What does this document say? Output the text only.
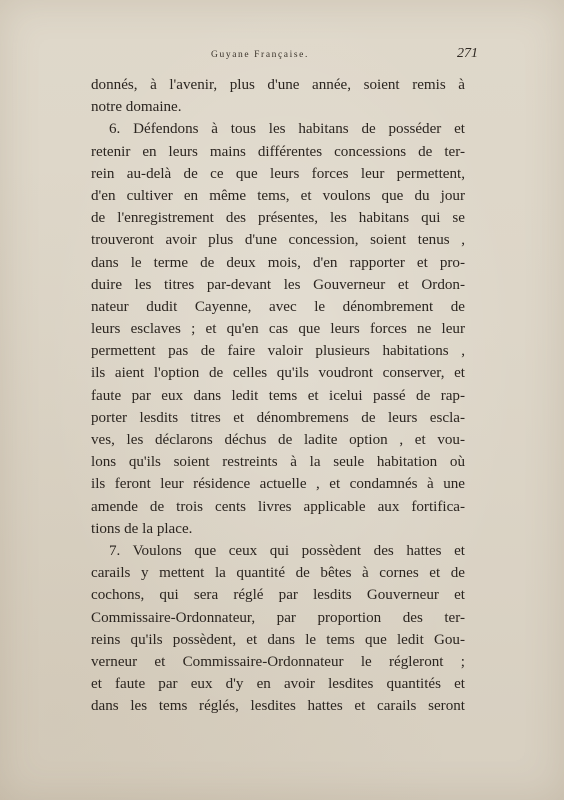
Guyane Française.	271
donnés, à l'avenir, plus d'une année, soient remis à
notre domaine.
6. Défendons à tous les habitans de posséder et
retenir en leurs mains différentes concessions de ter-
rein au-delà de ce que leurs forces leur permettent,
d'en cultiver en même tems, et voulons que du jour
de l'enregistrement des présentes, les habitans qui se
trouveront avoir plus d'une concession, soient tenus ,
dans le terme de deux mois, d'en rapporter et pro-
duire les titres par-devant les Gouverneur et Ordon-
nateur dudit Cayenne, avec le dénombrement de
leurs esclaves ; et qu'en cas que leurs forces ne leur
permettent pas de faire valoir plusieurs habitations ,
ils aient l'option de celles qu'ils voudront conserver, et
faute par eux dans ledit tems et icelui passé de rap-
porter lesdits titres et dénombremens de leurs escla-
ves, les déclarons déchus de ladite option , et vou-
lons qu'ils soient restreints à la seule habitation où
ils feront leur résidence actuelle , et condamnés à une
amende de trois cents livres applicable aux fortifica-
tions de la place.
7. Voulons que ceux qui possèdent des hattes et
carails y mettent la quantité de bêtes à cornes et de
cochons, qui sera réglé par lesdits Gouverneur et
Commissaire-Ordonnateur, par proportion des ter-
reins qu'ils possèdent, et dans le tems que ledit Gou-
verneur et Commissaire-Ordonnateur le régleront ;
et faute par eux d'y en avoir lesdites quantités et
dans les tems réglés, lesdites hattes et carails seront
